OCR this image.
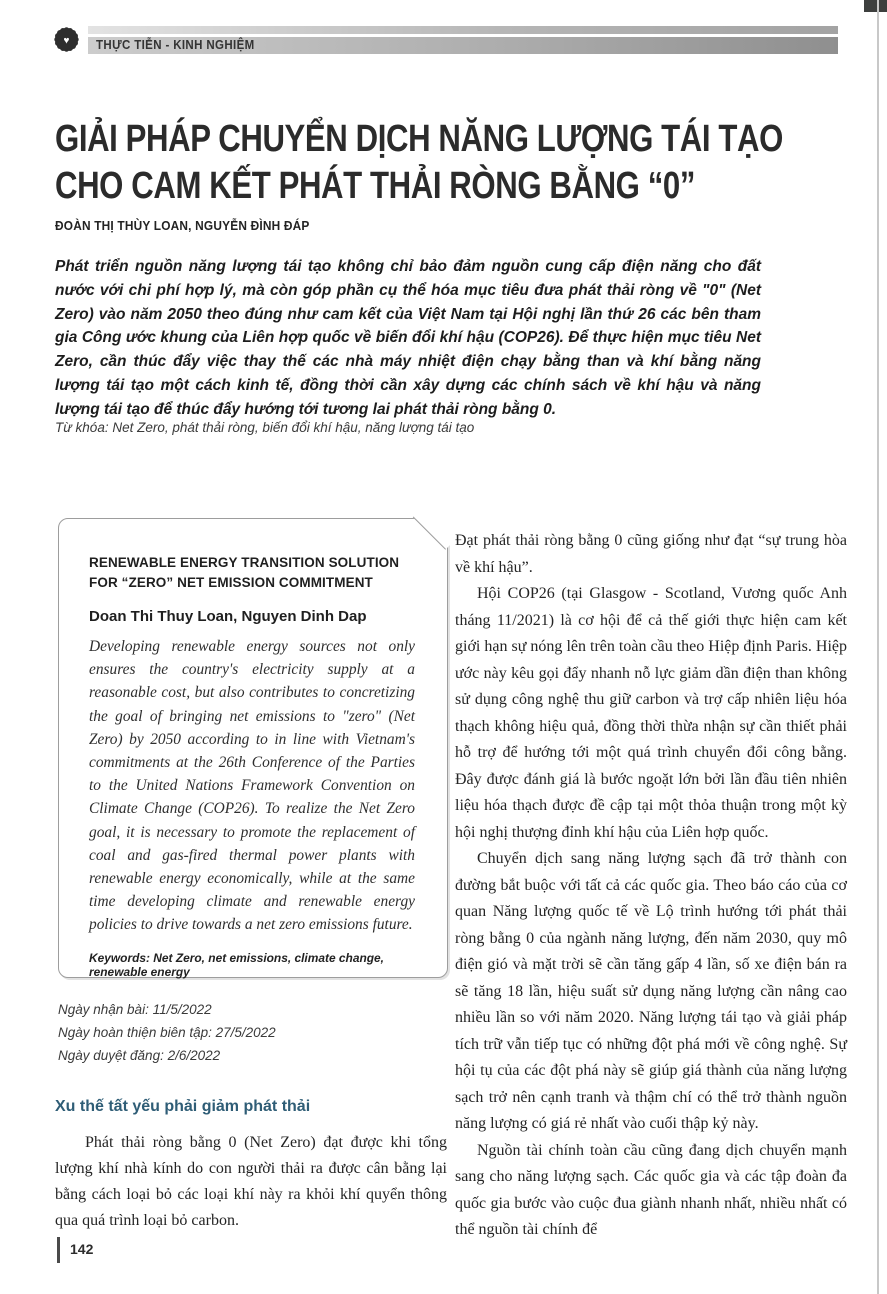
♥ THỰC TIỄN - KINH NGHIỆM
GIẢI PHÁP CHUYỂN DỊCH NĂNG LƯỢNG TÁI TẠO
CHO CAM KẾT PHÁT THẢI RÒNG BẰNG “0”
ĐOÀN THỊ THÙY LOAN, NGUYỄN ĐÌNH ĐÁP
Phát triển nguồn năng lượng tái tạo không chỉ bảo đảm nguồn cung cấp điện năng cho đất nước với chi phí hợp lý, mà còn góp phần cụ thể hóa mục tiêu đưa phát thải ròng về "0" (Net Zero) vào năm 2050 theo đúng như cam kết của Việt Nam tại Hội nghị lần thứ 26 các bên tham gia Công ước khung của Liên hợp quốc về biến đổi khí hậu (COP26). Để thực hiện mục tiêu Net Zero, cần thúc đẩy việc thay thế các nhà máy nhiệt điện chạy bằng than và khí bằng năng lượng tái tạo một cách kinh tế, đồng thời cần xây dựng các chính sách về khí hậu và năng lượng tái tạo để thúc đẩy hướng tới tương lai phát thải ròng bằng 0.
Từ khóa: Net Zero, phát thải ròng, biến đổi khí hậu, năng lượng tái tạo
RENEWABLE ENERGY TRANSITION SOLUTION
FOR “ZERO” NET EMISSION COMMITMENT
Doan Thi Thuy Loan, Nguyen Dinh Dap
Developing renewable energy sources not only ensures the country's electricity supply at a reasonable cost, but also contributes to concretizing the goal of bringing net emissions to "zero" (Net Zero) by 2050 according to in line with Vietnam's commitments at the 26th Conference of the Parties to the United Nations Framework Convention on Climate Change (COP26). To realize the Net Zero goal, it is necessary to promote the replacement of coal and gas-fired thermal power plants with renewable energy economically, while at the same time developing climate and renewable energy policies to drive towards a net zero emissions future.
Keywords: Net Zero, net emissions, climate change, renewable energy
Ngày nhận bài: 11/5/2022
Ngày hoàn thiện biên tập: 27/5/2022
Ngày duyệt đăng: 2/6/2022
Xu thế tất yếu phải giảm phát thải

Phát thải ròng bằng 0 (Net Zero) đạt được khi tổng lượng khí nhà kính do con người thải ra được cân bằng lại bằng cách loại bỏ các loại khí này ra khỏi khí quyển thông qua quá trình loại bỏ carbon.

Đạt phát thải ròng bằng 0 cũng giống như đạt “sự trung hòa về khí hậu”.

Hội COP26 (tại Glasgow - Scotland, Vương quốc Anh tháng 11/2021) là cơ hội để cả thế giới thực hiện cam kết giới hạn sự nóng lên trên toàn cầu theo Hiệp định Paris. Hiệp ước này kêu gọi đẩy nhanh nỗ lực giảm dần điện than không sử dụng công nghệ thu giữ carbon và trợ cấp nhiên liệu hóa thạch không hiệu quả, đồng thời thừa nhận sự cần thiết phải hỗ trợ để hướng tới một quá trình chuyển đổi công bằng. Đây được đánh giá là bước ngoặt lớn bởi lần đầu tiên nhiên liệu hóa thạch được đề cập tại một thỏa thuận trong một kỳ hội nghị thượng đỉnh khí hậu của Liên hợp quốc.

Chuyển dịch sang năng lượng sạch đã trở thành con đường bắt buộc với tất cả các quốc gia. Theo báo cáo của cơ quan Năng lượng quốc tế về Lộ trình hướng tới phát thải ròng bằng 0 của ngành năng lượng, đến năm 2030, quy mô điện gió và mặt trời sẽ cần tăng gấp 4 lần, số xe điện bán ra sẽ tăng 18 lần, hiệu suất sử dụng năng lượng cần nâng cao nhiều lần so với năm 2020. Năng lượng tái tạo và giải pháp tích trữ vẫn tiếp tục có những đột phá mới về công nghệ. Sự hội tụ của các đột phá này sẽ giúp giá thành của năng lượng sạch trở nên cạnh tranh và thậm chí có thể trở thành nguồn năng lượng có giá rẻ nhất vào cuối thập kỷ này.

Nguồn tài chính toàn cầu cũng đang dịch chuyển mạnh sang cho năng lượng sạch. Các quốc gia và các tập đoàn đa quốc gia bước vào cuộc đua giành nhanh nhất, nhiều nhất có thể nguồn tài chính để

142
